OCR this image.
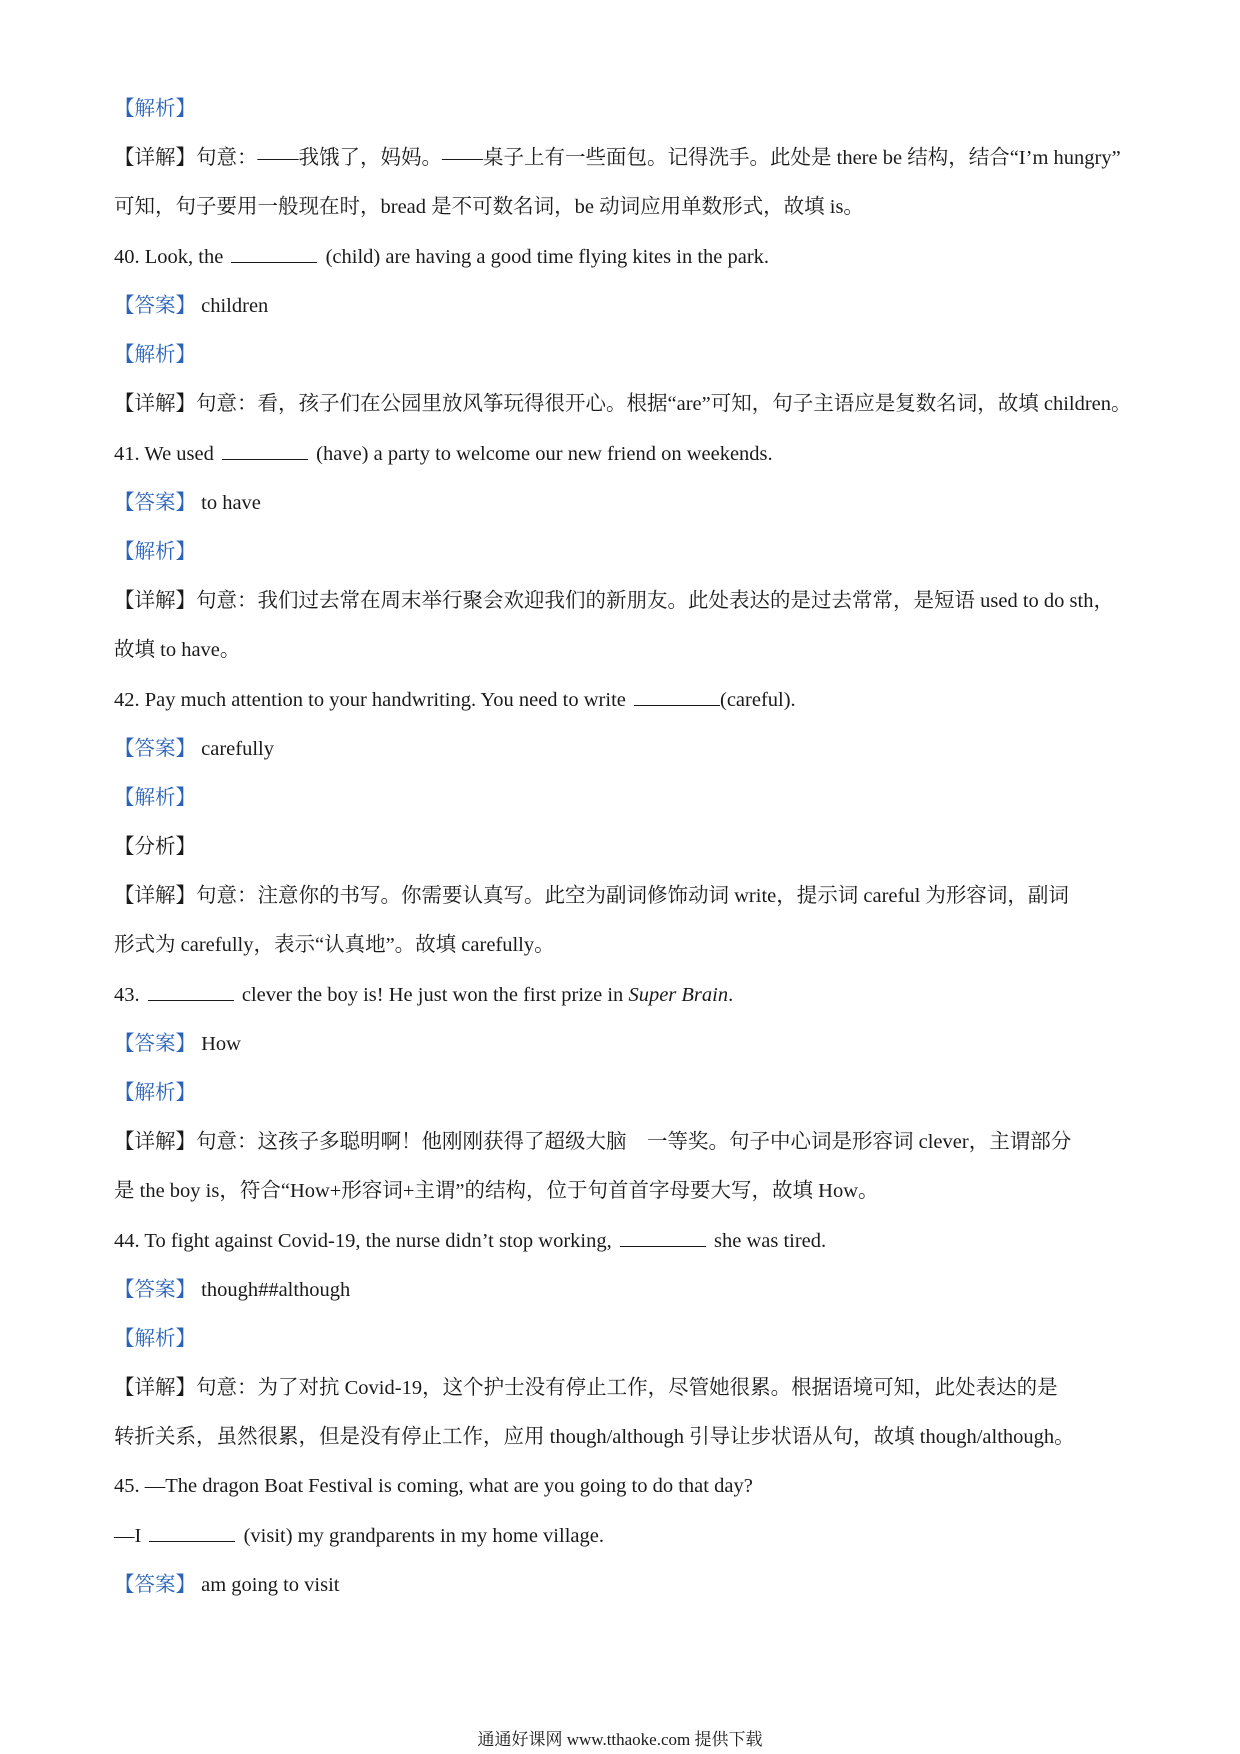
【解析】
【详解】句意：——我饿了，妈妈。——桌子上有一些面包。记得洗手。此处是 there be 结构，结合“I’m hungry”
可知，句子要用一般现在时，bread 是不可数名词，be 动词应用单数形式，故填 is。
40. Look, the	(child) are having a good time flying kites in the park.
【答案】 children
【解析】
【详解】句意：看，孩子们在公园里放风筝玩得很开心。根据“are”可知，句子主语应是复数名词，故填 children。
41. We used	(have) a party to welcome our new friend on weekends.
【答案】 to have
【解析】
【详解】句意：我们过去常在周末举行聚会欢迎我们的新朋友。此处表达的是过去常常，是短语 used to do sth，
故填 to have。
42. Pay much attention to your handwriting. You need to write	(careful).
【答案】 carefully
【解析】
【分析】
【详解】句意：注意你的书写。你需要认真写。此空为副词修饰动词 write，提示词 careful 为形容词，副词
形式为 carefully，表示“认真地”。故填 carefully。
43.	clever the boy is! He just won the first prize in Super Brain.
【答案】 How
【解析】
【详解】句意：这孩子多聪明啊！他刚刚获得了超级大脑　一等奖。句子中心词是形容词 clever，主谓部分
是 the boy is，符合“How+形容词+主谓”的结构，位于句首首字母要大写，故填 How。
44. To fight against Covid-19, the nurse didn’t stop working,	she was tired.
【答案】 though##although
【解析】
【详解】句意：为了对抗 Covid-19，这个护士没有停止工作，尽管她很累。根据语境可知，此处表达的是
转折关系，虽然很累，但是没有停止工作，应用 though/although 引导让步状语从句，故填 though/although。
45. —The dragon Boat Festival is coming, what are you going to do that day?
—I	(visit) my grandparents in my home village.
【答案】 am going to visit
通通好课网 www.tthaoke.com 提供下载
